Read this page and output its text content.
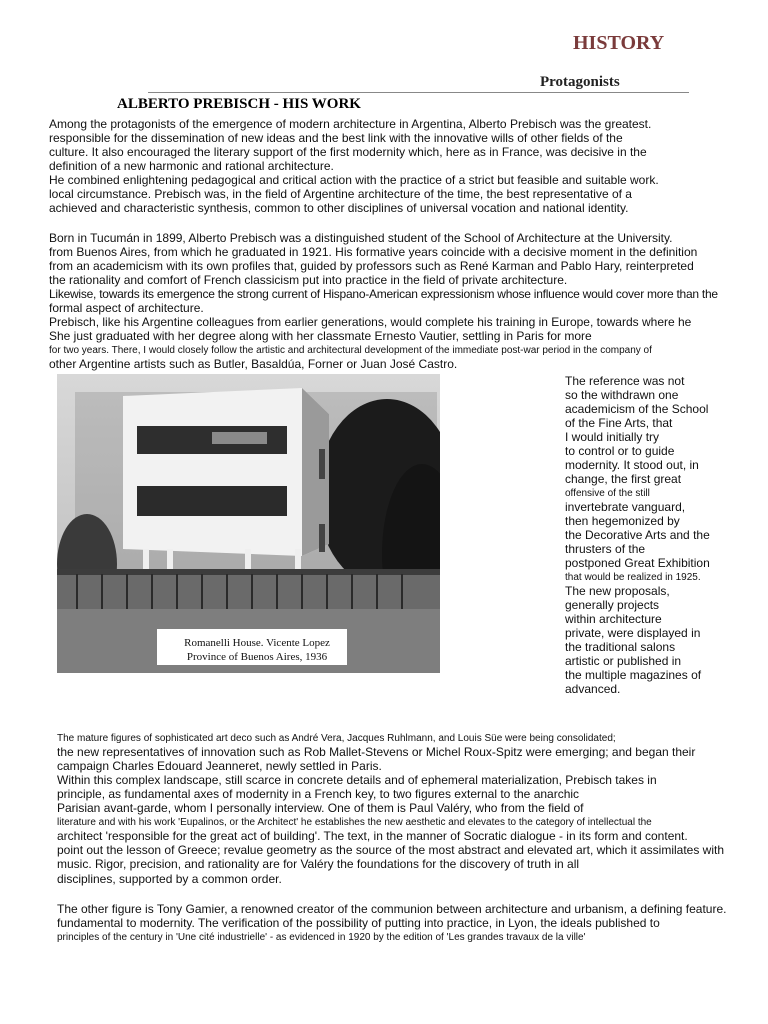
HISTORY
Protagonists
ALBERTO PREBISCH - HIS WORK
Among the protagonists of the emergence of modern architecture in Argentina, Alberto Prebisch was the greatest.
responsible for the dissemination of new ideas and the best link with the innovative wills of other fields of the
culture. It also encouraged the literary support of the first modernity which, here as in France, was decisive in the
definition of a new harmonic and rational architecture.
He combined enlightening pedagogical and critical action with the practice of a strict but feasible and suitable work.
local circumstance. Prebisch was, in the field of Argentine architecture of the time, the best representative of a
achieved and characteristic synthesis, common to other disciplines of universal vocation and national identity.
Born in Tucumán in 1899, Alberto Prebisch was a distinguished student of the School of Architecture at the University.
from Buenos Aires, from which he graduated in 1921. His formative years coincide with a decisive moment in the definition
from an academicism with its own profiles that, guided by professors such as René Karman and Pablo Hary, reinterpreted
the rationality and comfort of French classicism put into practice in the field of private architecture.
Likewise, towards its emergence the strong current of Hispano-American expressionism whose influence would cover more than the
formal aspect of architecture.
Prebisch, like his Argentine colleagues from earlier generations, would complete his training in Europe, towards where he
She just graduated with her degree along with her classmate Ernesto Vautier, settling in Paris for more
for two years. There, I would closely follow the artistic and architectural development of the immediate post-war period in the company of
other Argentine artists such as Butler, Basaldúa, Forner or Juan José Castro.
Romanelli House. Vicente Lopez
Province of Buenos Aires, 1936
The reference was not
so the withdrawn one
academicism of the School
of the Fine Arts, that
I would initially try
to control or to guide
modernity. It stood out, in
change, the first great
offensive of the still
invertebrate vanguard,
then hegemonized by
the Decorative Arts and the
thrusters of the
postponed Great Exhibition
that would be realized in 1925.
The new proposals,
generally projects
within architecture
private, were displayed in
the traditional salons
artistic or published in
the multiple magazines of
advanced.
The mature figures of sophisticated art deco such as André Vera, Jacques Ruhlmann, and Louis Süe were being consolidated;
the new representatives of innovation such as Rob Mallet-Stevens or Michel Roux-Spitz were emerging; and began their
campaign Charles Edouard Jeanneret, newly settled in Paris.
Within this complex landscape, still scarce in concrete details and of ephemeral materialization, Prebisch takes in
principle, as fundamental axes of modernity in a French key, to two figures external to the anarchic
Parisian avant-garde, whom I personally interview. One of them is Paul Valéry, who from the field of
literature and with his work 'Eupalinos, or the Architect' he establishes the new aesthetic and elevates to the category of intellectual the
architect 'responsible for the great act of building'. The text, in the manner of Socratic dialogue - in its form and content.
point out the lesson of Greece; revalue geometry as the source of the most abstract and elevated art, which it assimilates with
music. Rigor, precision, and rationality are for Valéry the foundations for the discovery of truth in all
disciplines, supported by a common order.
The other figure is Tony Gamier, a renowned creator of the communion between architecture and urbanism, a defining feature.
fundamental to modernity. The verification of the possibility of putting into practice, in Lyon, the ideals published to
principles of the century in 'Une cité industrielle' - as evidenced in 1920 by the edition of 'Les grandes travaux de la ville'
